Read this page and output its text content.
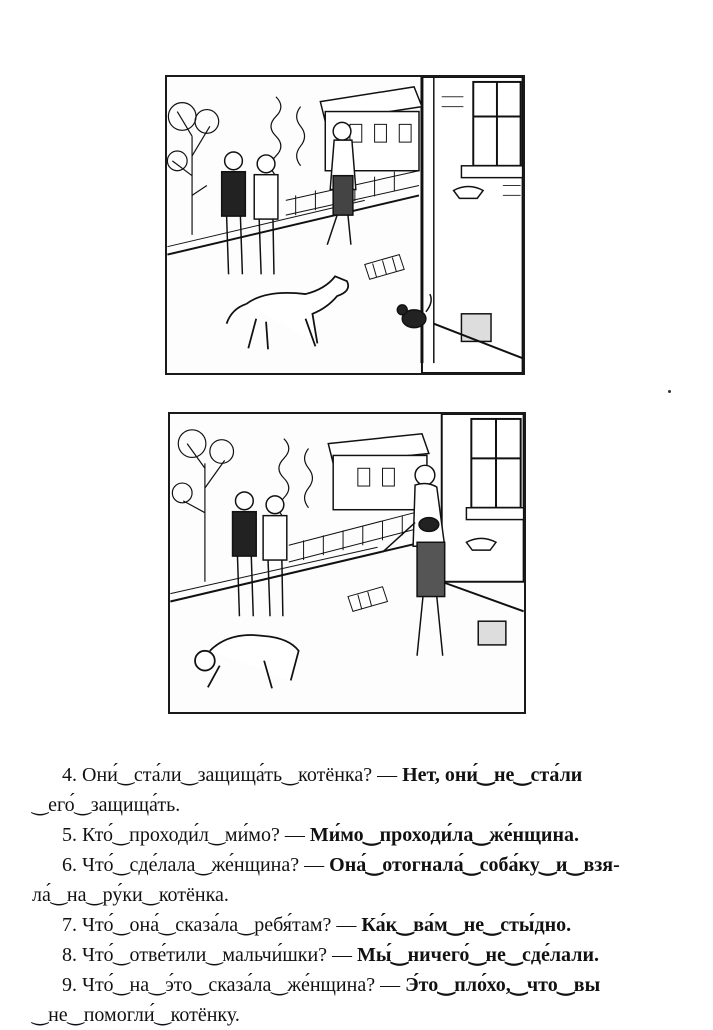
4. Они́‿ста́ли‿защища́ть‿котёнка? — Нет, они́‿не‿ста́ли
‿его́‿защища́ть.
5. Кто́‿проходи́л‿ми́мо? — Ми́мо‿проходи́ла‿же́нщина.
6. Что́‿сде́лала‿же́нщина? — Она́‿отогнала́‿соба́ку‿и‿взя-
ла́‿на‿ру́ки‿котёнка.
7. Что́‿она́‿сказа́ла‿ребя́там? — Ка́к‿ва́м‿не‿сты́дно.
8. Что́‿отве́тили‿мальчи́шки? — Мы́‿ничего́‿не‿сде́лали.
9. Что́‿на‿э́то‿сказа́ла‿же́нщина? — Э́то‿пло́хо,‿что‿вы
‿не‿помогли́‿котёнку.
